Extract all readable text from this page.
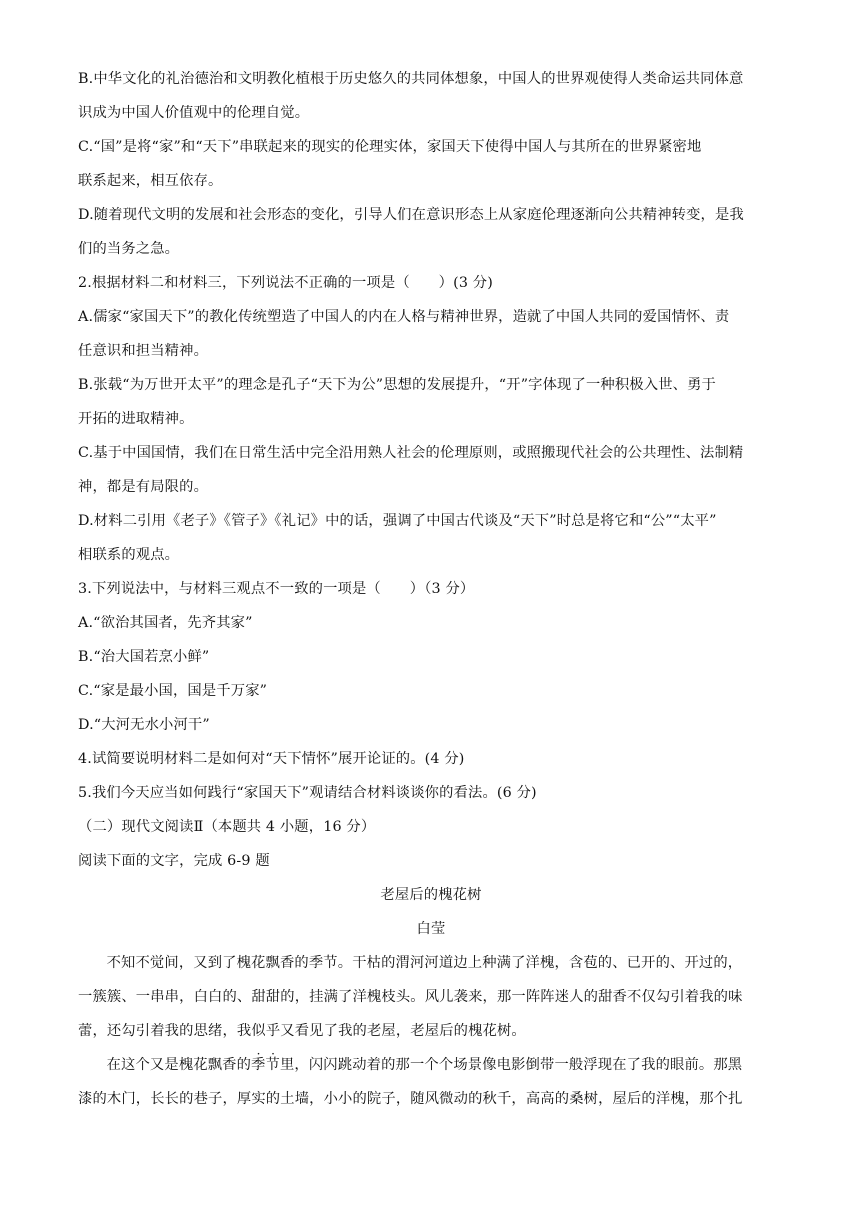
B.中华文化的礼治德治和文明教化植根于历史悠久的共同体想象，中国人的世界观使得人类命运共同体意
识成为中国人价值观中的伦理自觉。
C.“国”是将“家”和“天下”串联起来的现实的伦理实体，家国天下使得中国人与其所在的世界紧密地
联系起来，相互依存。
D.随着现代文明的发展和社会形态的变化，引导人们在意识形态上从家庭伦理逐渐向公共精神转变，是我
们的当务之急。
2.根据材料二和材料三，下列说法不正确的一项是（　　）(3 分)
A.儒家“家国天下”的教化传统塑造了中国人的内在人格与精神世界，造就了中国人共同的爱国情怀、责
任意识和担当精神。
B.张载“为万世开太平”的理念是孔子“天下为公”思想的发展提升，“开”字体现了一种积极入世、勇于
开拓的进取精神。
C.基于中国国情，我们在日常生活中完全沿用熟人社会的伦理原则，或照搬现代社会的公共理性、法制精
神，都是有局限的。
D.材料二引用《老子》《管子》《礼记》中的话，强调了中国古代谈及“天下”时总是将它和“公”“太平”
相联系的观点。
3.下列说法中，与材料三观点不一致的一项是（　　）（3 分）
A.“欲治其国者，先齐其家”
B.“治大国若烹小鲜”
C.“家是最小国，国是千万家”
D.“大河无水小河干”
4.试简要说明材料二是如何对“天下情怀”展开论证的。(4 分)
5.我们今天应当如何践行“家国天下”观请结合材料谈谈你的看法。(6 分)
（二）现代文阅读Ⅱ（本题共 4 小题，16 分）
阅读下面的文字，完成 6-9 题
老屋后的槐花树
白莹
不知不觉间，又到了槐花飘香的季节。干枯的渭河河道边上种满了洋槐，含苞的、已开的、开过的，
一簇簇、一串串，白白的、甜甜的，挂满了洋槐枝头。风儿袭来，那一阵阵迷人的甜香不仅勾引着我的味
蕾，还勾引着我的思绪，我似乎又看见了我的老屋，老屋后的槐花树。
在这个又是槐花飘香的季节里，闪闪跳动着的那一个个场景像电影倒带一般浮现在了我的眼前。那黑
漆的木门，长长的巷子，厚实的土墙，小小的院子，随风微动的秋千，高高的桑树，屋后的洋槐，那个扎
